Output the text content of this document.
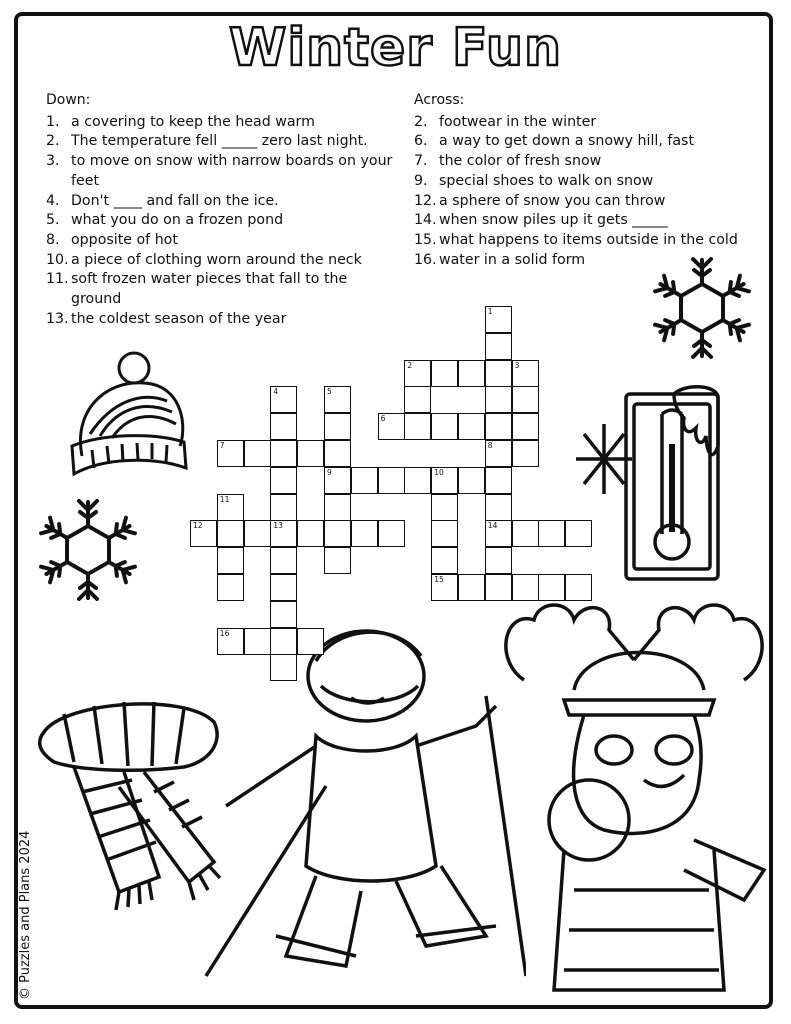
Winter Fun
Down:
1. a covering to keep the head warm
2. The temperature fell _____ zero last night.
3. to move on snow with narrow boards on your feet
4. Don't ____ and fall on the ice.
5. what you do on a frozen pond
8. opposite of hot
10. a piece of clothing worn around the neck
11. soft frozen water pieces that fall to the ground
13. the coldest season of the year
Across:
2. footwear in the winter
6. a way to get down a snowy hill, fast
7. the color of fresh snow
9. special shoes to walk on snow
12. a sphere of snow you can throw
14. when snow piles up it gets _____
15. what happens to items outside in the cold
16. water in a solid form
1
8
2	3
4
13
5
9
6
7
14
10
15
11
12
16
© Puzzles and Plans 2024
